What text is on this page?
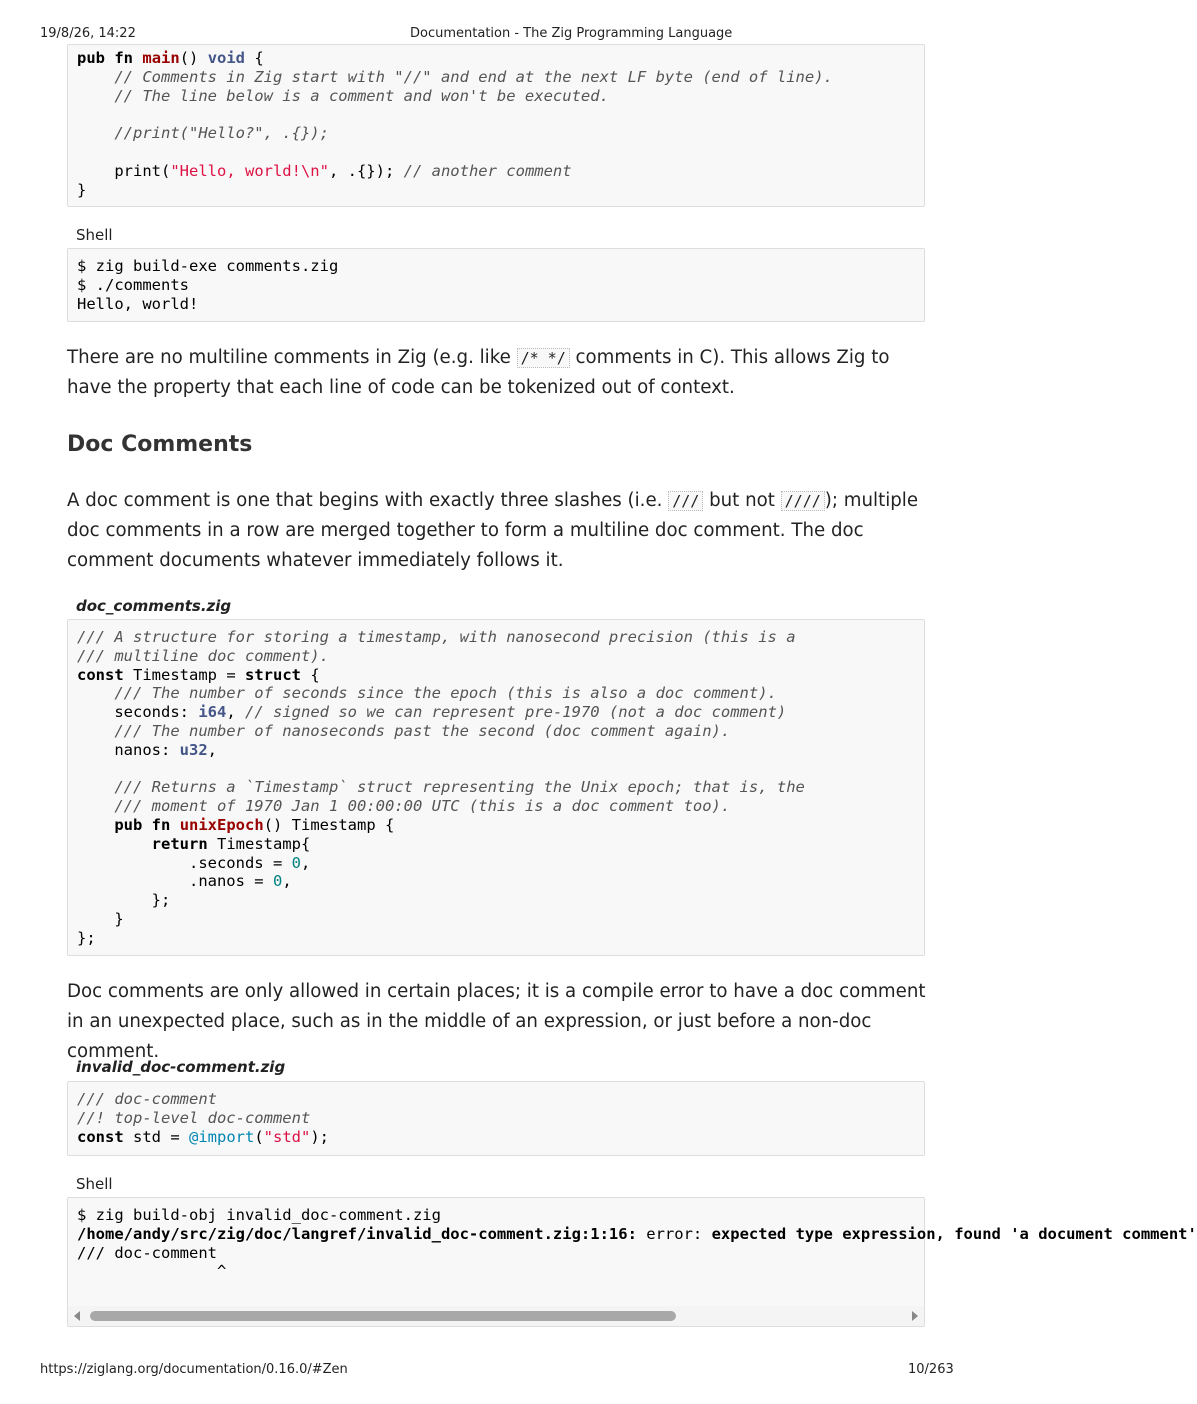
19/8/26, 14:22	Documentation - The Zig Programming Language
pub fn main() void {
// Comments in Zig start with "//" and end at the next LF byte (end of line).
// The line below is a comment and won't be executed.
//print("Hello?", .{});
print("Hello, world!\n", .{}); // another comment
}
Shell
$ zig build-exe comments.zig
$ ./comments
Hello, world!

There are no multiline comments in Zig (e.g. like /* */ comments in C). This allows Zig to have the property that each line of code can be tokenized out of context.

Doc Comments

A doc comment is one that begins with exactly three slashes (i.e. /// but not //// ); multiple doc comments in a row are merged together to form a multiline doc comment. The doc comment documents whatever immediately follows it.

doc_comments.zig
/// A structure for storing a timestamp, with nanosecond precision (this is a
/// multiline doc comment).
const Timestamp = struct {
/// The number of seconds since the epoch (this is also a doc comment).
seconds: i64, // signed so we can represent pre-1970 (not a doc comment)
/// The number of nanoseconds past the second (doc comment again).
nanos: u32,
/// Returns a `Timestamp` struct representing the Unix epoch; that is, the
/// moment of 1970 Jan 1 00:00:00 UTC (this is a doc comment too).
pub fn unixEpoch() Timestamp {
return Timestamp{
.seconds = 0,
.nanos = 0,
};
}
};

Doc comments are only allowed in certain places; it is a compile error to have a doc comment in an unexpected place, such as in the middle of an expression, or just before a non-doc comment.

invalid_doc-comment.zig
/// doc-comment
//! top-level doc-comment
const std = @import("std");
Shell
$ zig build-obj invalid_doc-comment.zig
/home/andy/src/zig/doc/langref/invalid_doc-comment.zig:1:16: error: expected type expression, found 'a document comment'
/// doc-comment
^
https://ziglang.org/documentation/0.16.0/#Zen	10/263
